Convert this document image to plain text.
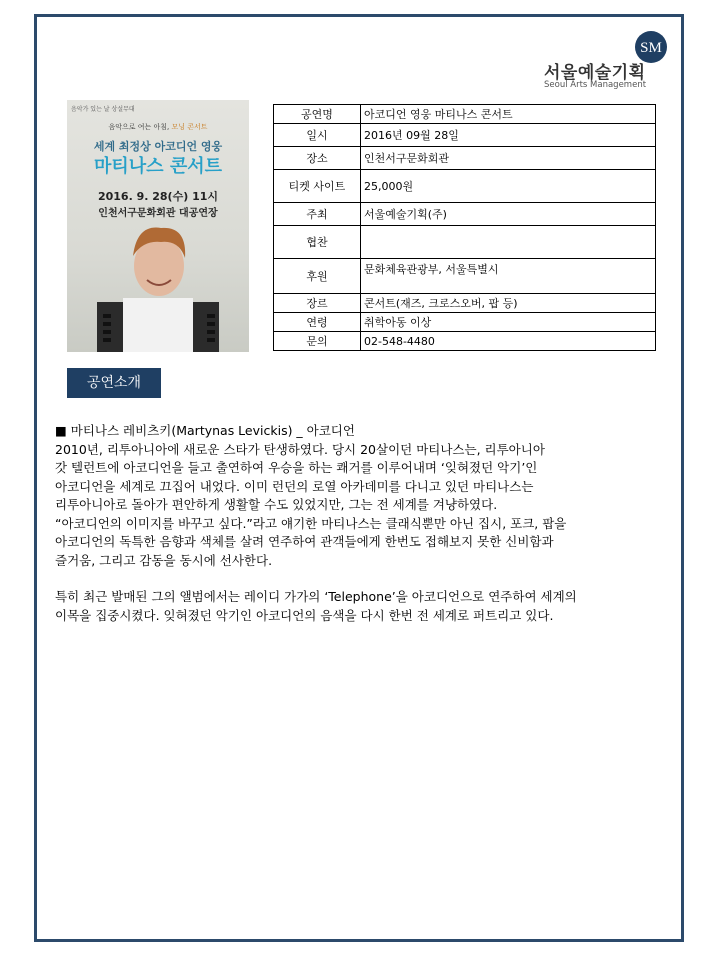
SM
서울예술기획
Seoul Arts Management
음악가 있는 날 상설무대
음악으로 여는 아침, 모닝 콘서트
세계 최정상 아코디언 영웅
마티나스 콘서트
2016. 9. 28(수) 11시
인천서구문화회관 대공연장
공연명	아코디언 영웅 마티나스 콘서트
일시	2016년 09월 28일
장소	인천서구문화회관
티켓 사이트	25,000원
주최	서울예술기획(주)
협찬	
후원	문화체육관광부, 서울특별시
장르	콘서트(재즈, 크로스오버, 팝 등)
연령	취학아동 이상
문의	02-548-4480
공연소개

■ 마티나스 레비츠키(Martynas Levickis) _ 아코디언

2010년, 리투아니아에 새로운 스타가 탄생하였다. 당시 20살이던 마티나스는, 리투아니아

갓 텔런트에 아코디언을 들고 출연하여 우승을 하는 쾌거를 이루어내며 ‘잊혀졌던 악기’인

아코디언을 세계로 끄집어 내었다. 이미 런던의 로열 아카데미를 다니고 있던 마티나스는

리투아니아로 돌아가 편안하게 생활할 수도 있었지만, 그는 전 세계를 겨냥하였다.

“아코디언의 이미지를 바꾸고 싶다.”라고 얘기한 마티나스는 클래식뿐만 아닌 집시, 포크, 팝을

아코디언의 독특한 음향과 색체를 살려 연주하여 관객들에게 한번도 접해보지 못한 신비함과

즐거움, 그리고 감동을 동시에 선사한다.

특히 최근 발매된 그의 앨범에서는 레이디 가가의 ‘Telephone’을 아코디언으로 연주하여 세계의

이목을 집중시켰다. 잊혀졌던 악기인 아코디언의 음색을 다시 한번 전 세계로 퍼트리고 있다.
